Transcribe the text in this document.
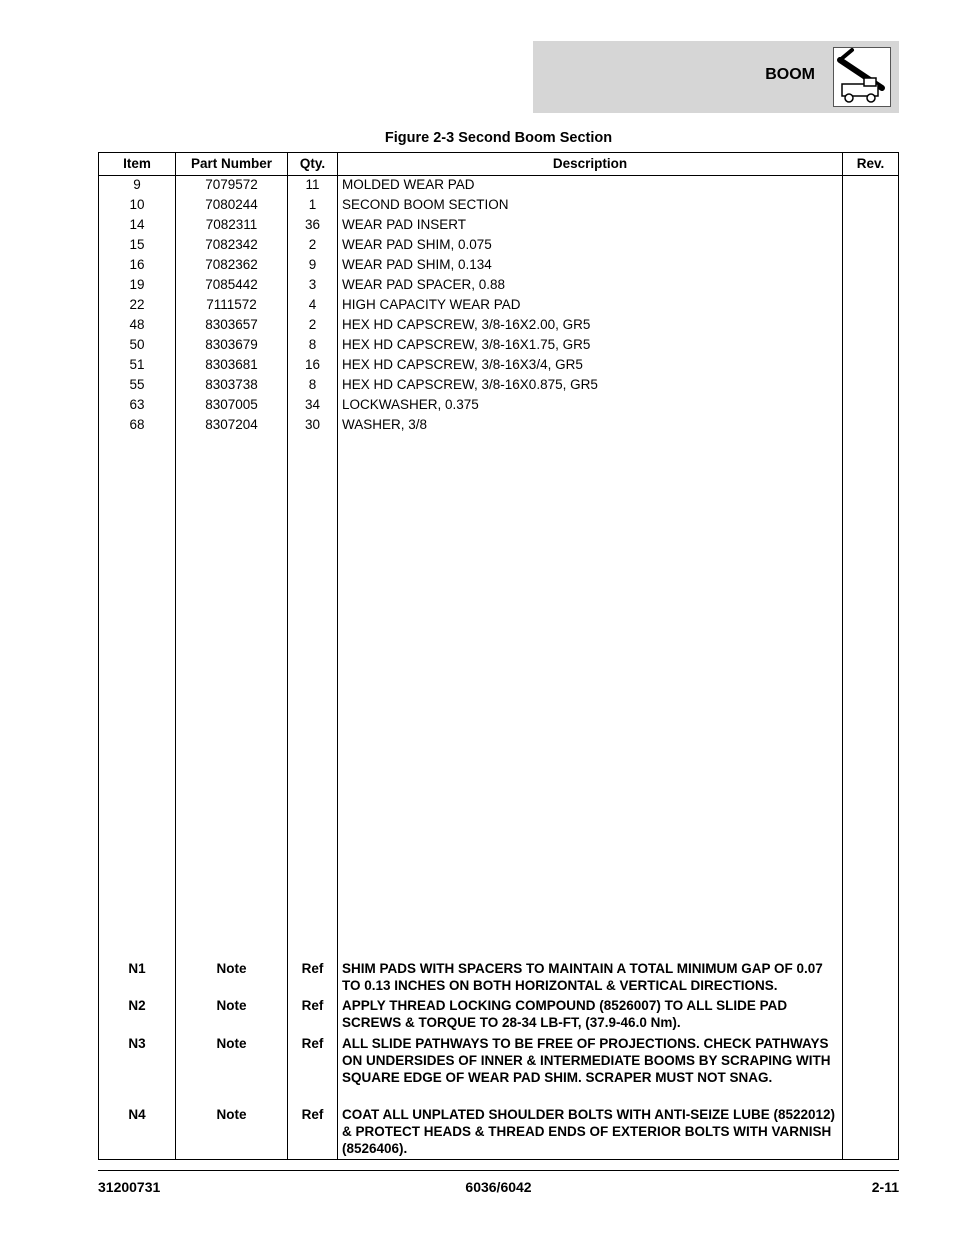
BOOM
Figure 2-3 Second Boom Section
Item	Part Number	Qty.	Description	Rev.
9	7079572	11	MOLDED WEAR PAD
10	7080244	1	SECOND BOOM SECTION
14	7082311	36	WEAR PAD INSERT
15	7082342	2	WEAR PAD SHIM, 0.075
16	7082362	9	WEAR PAD SHIM, 0.134
19	7085442	3	WEAR PAD SPACER, 0.88
22	7111572	4	HIGH CAPACITY WEAR PAD
48	8303657	2	HEX HD CAPSCREW, 3/8-16X2.00, GR5
50	8303679	8	HEX HD CAPSCREW, 3/8-16X1.75, GR5
51	8303681	16	HEX HD CAPSCREW, 3/8-16X3/4, GR5
55	8303738	8	HEX HD CAPSCREW, 3/8-16X0.875, GR5
63	8307005	34	LOCKWASHER, 0.375
68	8307204	30	WASHER, 3/8
N1	Note	Ref	SHIM PADS WITH SPACERS TO MAINTAIN A TOTAL MINIMUM GAP OF 0.07 TO 0.13 INCHES ON BOTH HORIZONTAL & VERTICAL DIRECTIONS.
N2	Note	Ref	APPLY THREAD LOCKING COMPOUND (8526007) TO ALL SLIDE PAD SCREWS & TORQUE TO 28-34 LB-FT, (37.9-46.0 Nm).
N3	Note	Ref	ALL SLIDE PATHWAYS TO BE FREE OF PROJECTIONS. CHECK PATHWAYS ON UNDERSIDES OF INNER & INTERMEDIATE BOOMS BY SCRAPING WITH SQUARE EDGE OF WEAR PAD SHIM. SCRAPER MUST NOT SNAG.
N4	Note	Ref	COAT ALL UNPLATED SHOULDER BOLTS WITH ANTI-SEIZE LUBE (8522012) & PROTECT HEADS & THREAD ENDS OF EXTERIOR BOLTS WITH VARNISH (8526406).
31200731	6036/6042	2-11
